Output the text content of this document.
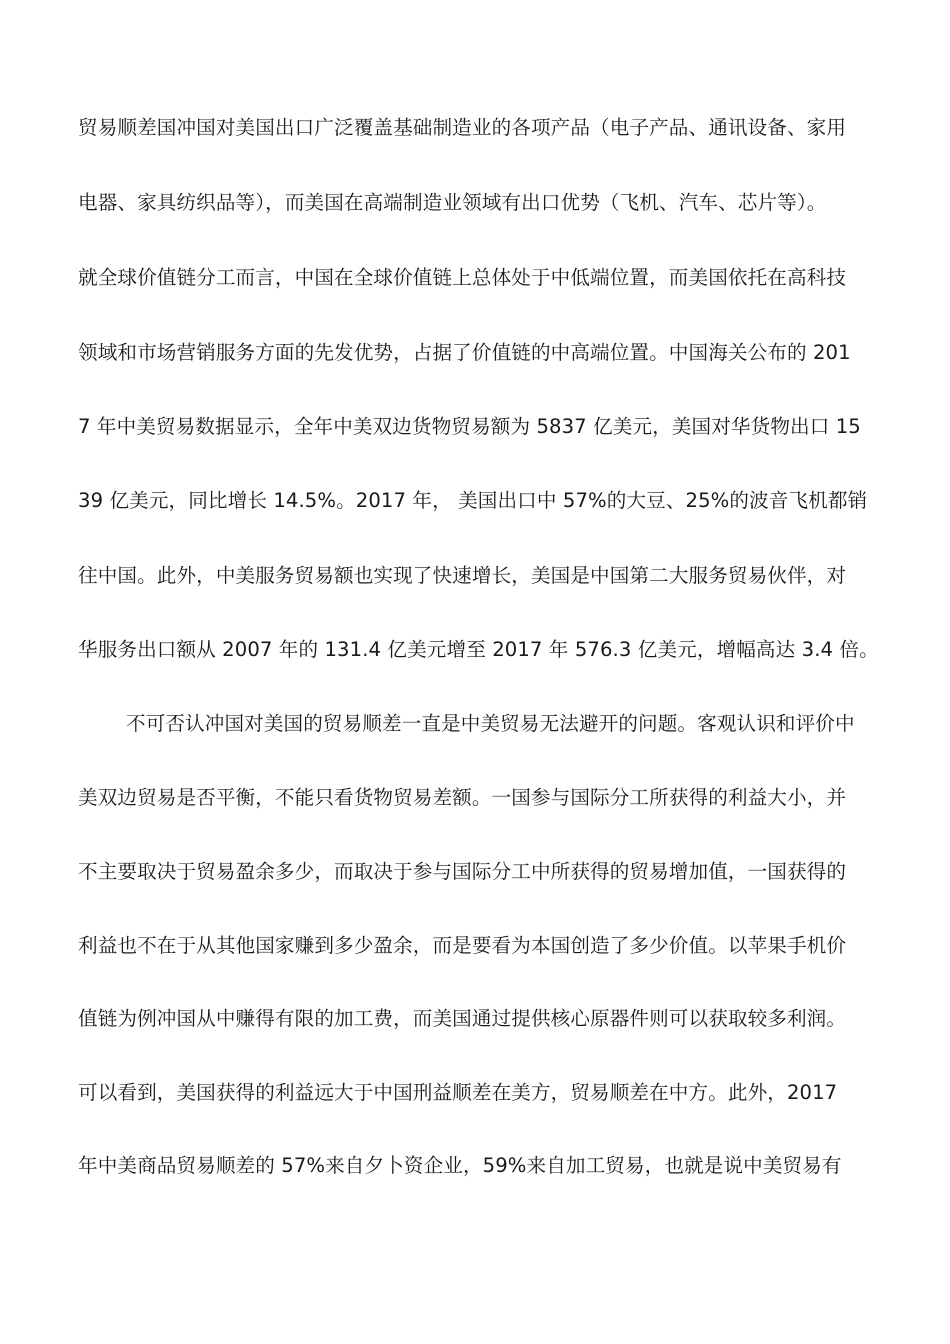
贸易顺差国冲国对美国出口广泛覆盖基础制造业的各项产品（电子产品、通讯设备、家用
电器、家具纺织品等），而美国在高端制造业领域有出口优势（飞机、汽车、芯片等）。
就全球价值链分工而言，中国在全球价值链上总体处于中低端位置，而美国依托在高科技
领域和市场营销服务方面的先发优势，占据了价值链的中高端位置。中国海关公布的 201
7 年中美贸易数据显示，全年中美双边货物贸易额为 5837 亿美元，美国对华货物出口 15
39 亿美元，同比增长 14.5%。2017 年， 美国出口中 57%的大豆、25%的波音飞机都销
往中国。此外，中美服务贸易额也实现了快速增长，美国是中国第二大服务贸易伙伴，对
华服务出口额从 2007 年的 131.4 亿美元增至 2017 年 576.3 亿美元，增幅高达 3.4 倍。
不可否认冲国对美国的贸易顺差一直是中美贸易无法避开的问题。客观认识和评价中
美双边贸易是否平衡，不能只看货物贸易差额。一国参与国际分工所获得的利益大小，并
不主要取决于贸易盈余多少，而取决于参与国际分工中所获得的贸易增加值，一国获得的
利益也不在于从其他国家赚到多少盈余，而是要看为本国创造了多少价值。以苹果手机价
值链为例冲国从中赚得有限的加工费，而美国通过提供核心原器件则可以获取较多利润。
可以看到，美国获得的利益远大于中国刑益顺差在美方，贸易顺差在中方。此外，2017
年中美商品贸易顺差的 57%来自夕卜资企业，59%来自加工贸易，也就是说中美贸易有
